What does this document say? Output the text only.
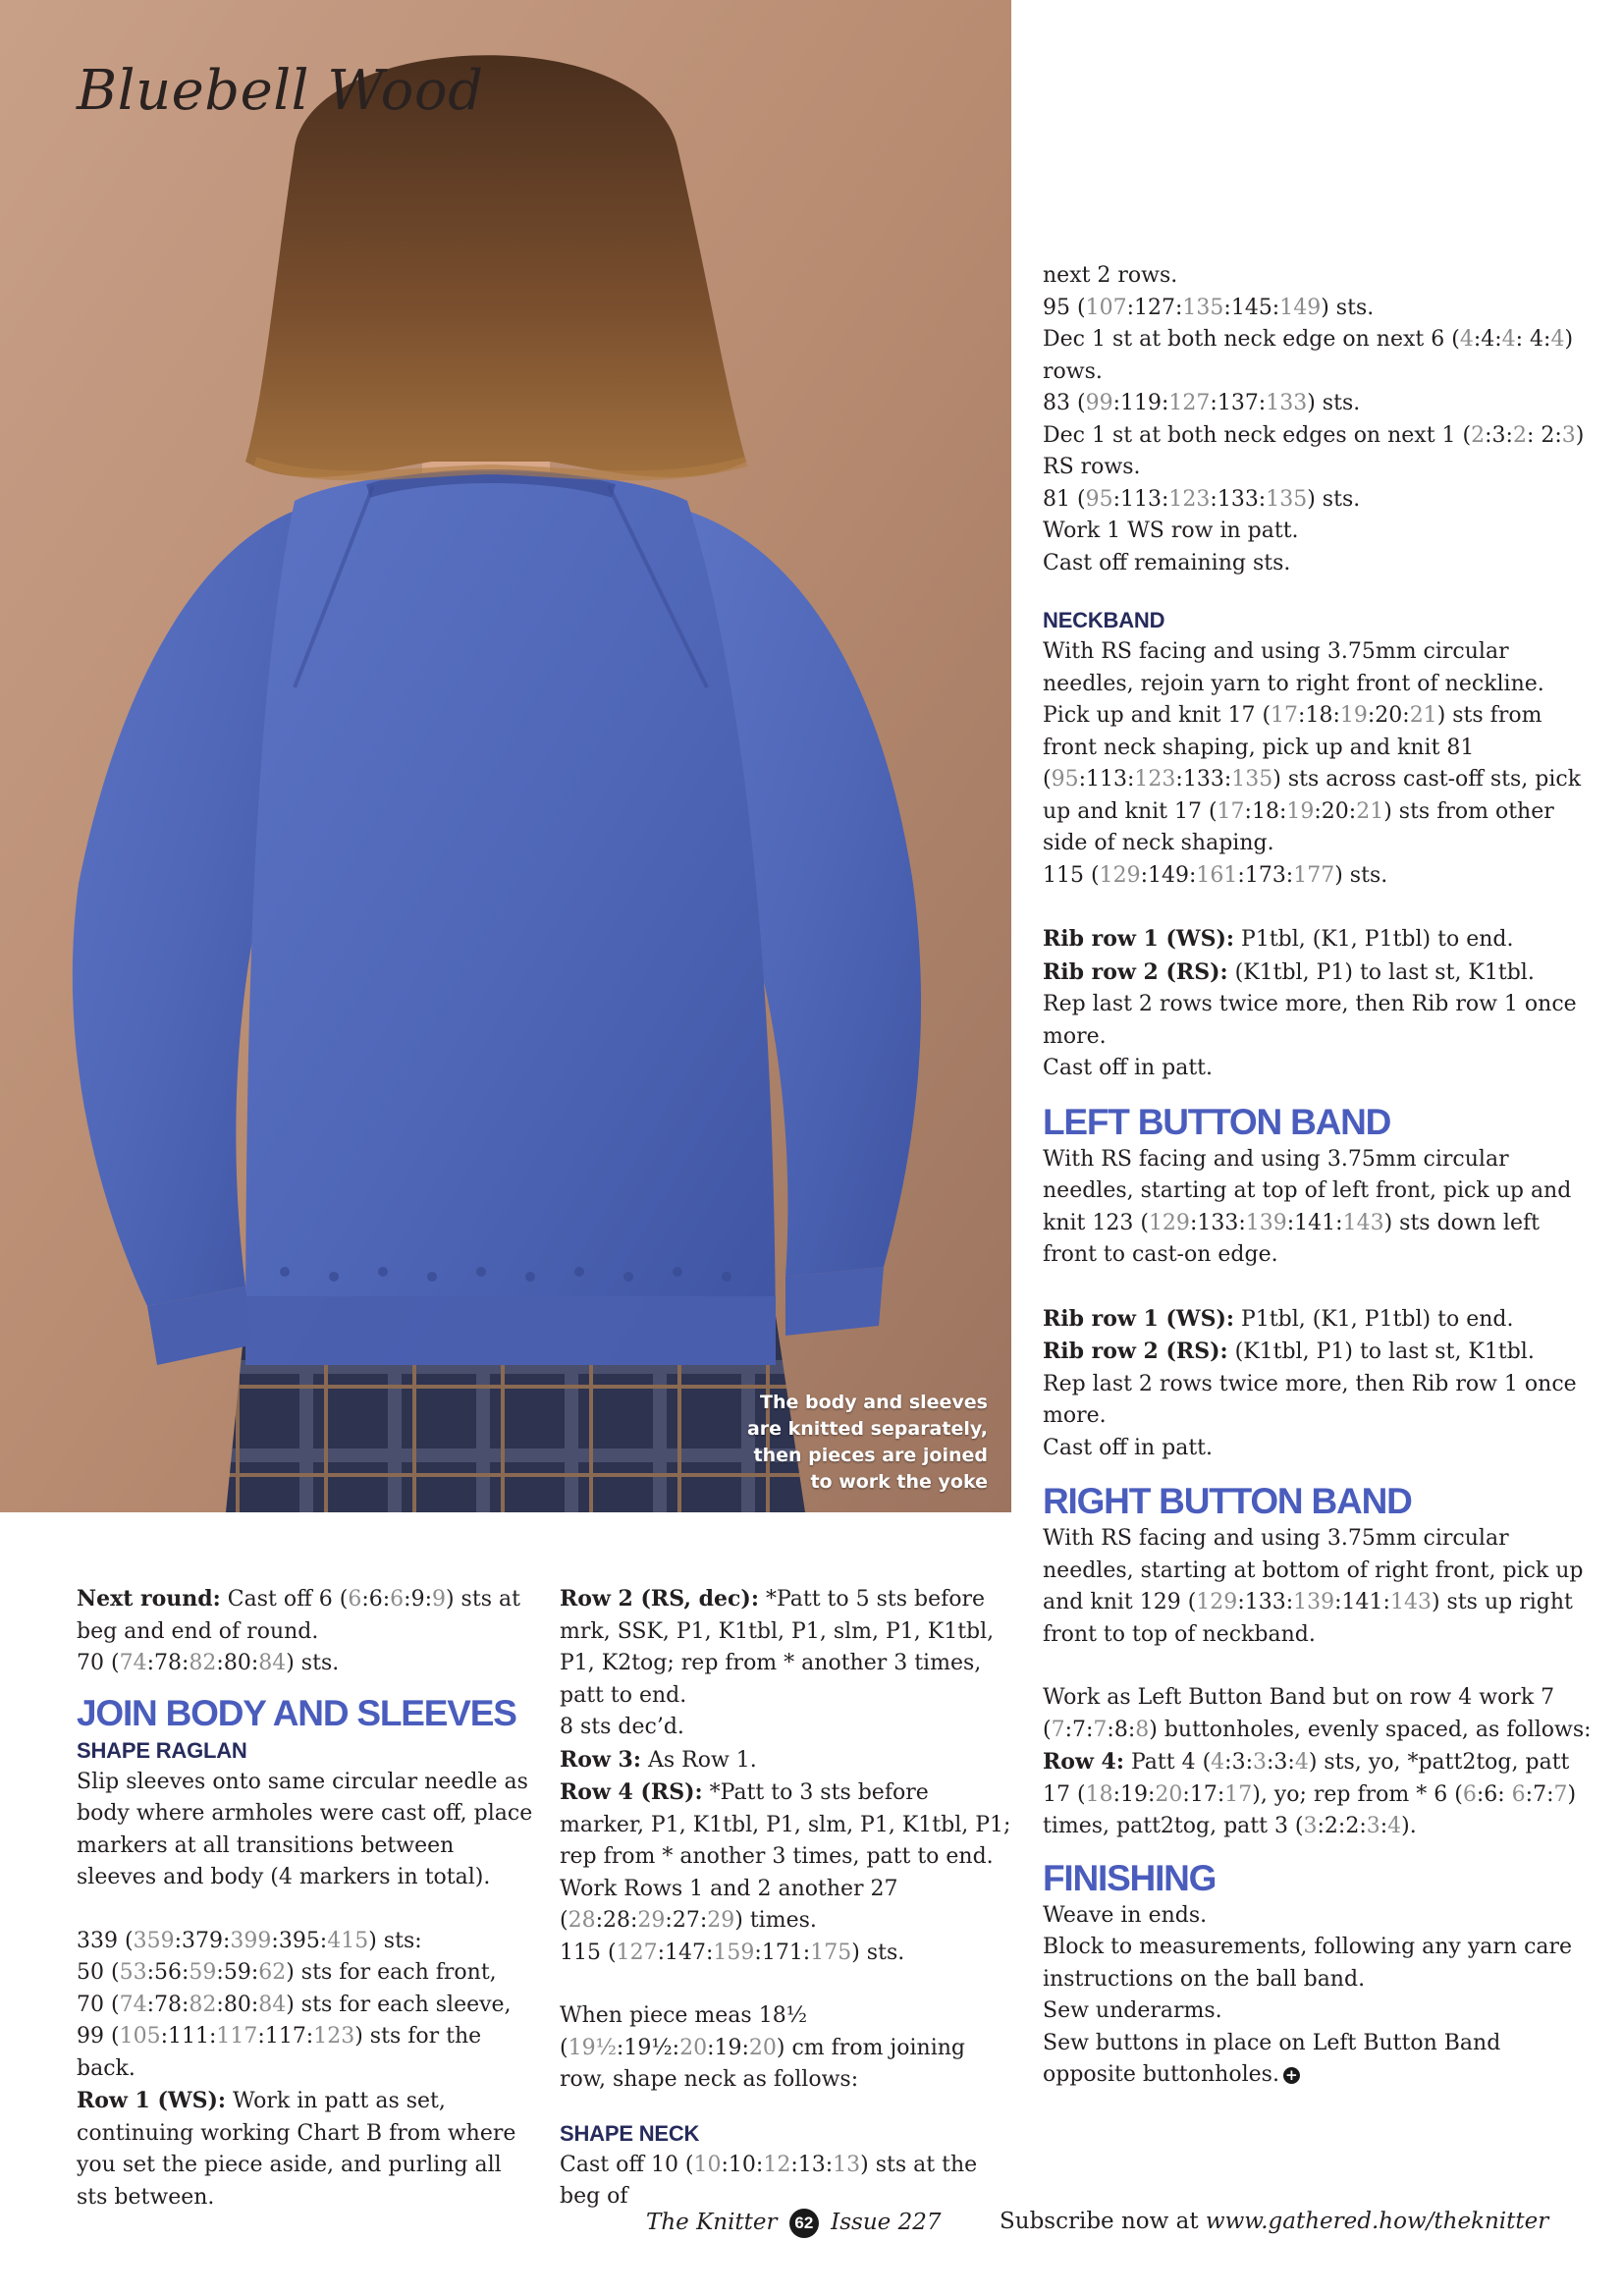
Bluebell Wood
The body and sleeves
are knitted separately,
then pieces are joined
to work the yoke

Next round: Cast off 6 (6:6:6:9:9) sts at beg and end of round.

70 (74:78:82:80:84) sts.

JOIN BODY AND SLEEVES
SHAPE RAGLAN

Slip sleeves onto same circular needle as body where armholes were cast off, place markers at all transitions between sleeves and body (4 markers in total).

339 (359:379:399:395:415) sts:

50 (53:56:59:59:62) sts for each front,

70 (74:78:82:80:84) sts for each sleeve,

99 (105:111:117:117:123) sts for the back.

Row 1 (WS): Work in patt as set, continuing working Chart B from where you set the piece aside, and purling all sts between.

Row 2 (RS, dec): *Patt to 5 sts before mrk, SSK, P1, K1tbl, P1, slm, P1, K1tbl, P1, K2tog; rep from * another 3 times, patt to end.

8 sts dec’d.

Row 3: As Row 1.

Row 4 (RS): *Patt to 3 sts before marker, P1, K1tbl, P1, slm, P1, K1tbl, P1; rep from * another 3 times, patt to end.

Work Rows 1 and 2 another 27 (28:28:29:27:29) times.

115 (127:147:159:171:175) sts.

When piece meas 18½ (19½:19½:20:19:20) cm from joining row, shape neck as follows:

SHAPE NECK

Cast off 10 (10:10:12:13:13) sts at the beg of

next 2 rows.

95 (107:127:135:145:149) sts.

Dec 1 st at both neck edge on next 6 (4:4:4: 4:4) rows.

83 (99:119:127:137:133) sts.

Dec 1 st at both neck edges on next 1 (2:3:2: 2:3) RS rows.

81 (95:113:123:133:135) sts.

Work 1 WS row in patt.

Cast off remaining sts.

NECKBAND

With RS facing and using 3.75mm circular needles, rejoin yarn to right front of neckline.

Pick up and knit 17 (17:18:19:20:21) sts from front neck shaping, pick up and knit 81 (95:113:123:133:135) sts across cast-off sts, pick up and knit 17 (17:18:19:20:21) sts from other side of neck shaping.

115 (129:149:161:173:177) sts.

Rib row 1 (WS): P1tbl, (K1, P1tbl) to end.

Rib row 2 (RS): (K1tbl, P1) to last st, K1tbl.

Rep last 2 rows twice more, then Rib row 1 once more.

Cast off in patt.

LEFT BUTTON BAND

With RS facing and using 3.75mm circular needles, starting at top of left front, pick up and knit 123 (129:133:139:141:143) sts down left front to cast-on edge.

Rib row 1 (WS): P1tbl, (K1, P1tbl) to end.

Rib row 2 (RS): (K1tbl, P1) to last st, K1tbl.

Rep last 2 rows twice more, then Rib row 1 once more.

Cast off in patt.

RIGHT BUTTON BAND

With RS facing and using 3.75mm circular needles, starting at bottom of right front, pick up and knit 129 (129:133:139:141:143) sts up right front to top of neckband.

Work as Left Button Band but on row 4 work 7 (7:7:7:8:8) buttonholes, evenly spaced, as follows:

Row 4: Patt 4 (4:3:3:3:4) sts, yo, *patt2tog, patt 17 (18:19:20:17:17), yo; rep from * 6 (6:6: 6:7:7) times, patt2tog, patt 3 (3:2:2:3:4).

FINISHING

Weave in ends.

Block to measurements, following any yarn care instructions on the ball band.

Sew underarms.

Sew buttons in place on Left Button Band opposite buttonholes. +

The Knitter 62 Issue 227	Subscribe now at www.gathered.how/theknitter
